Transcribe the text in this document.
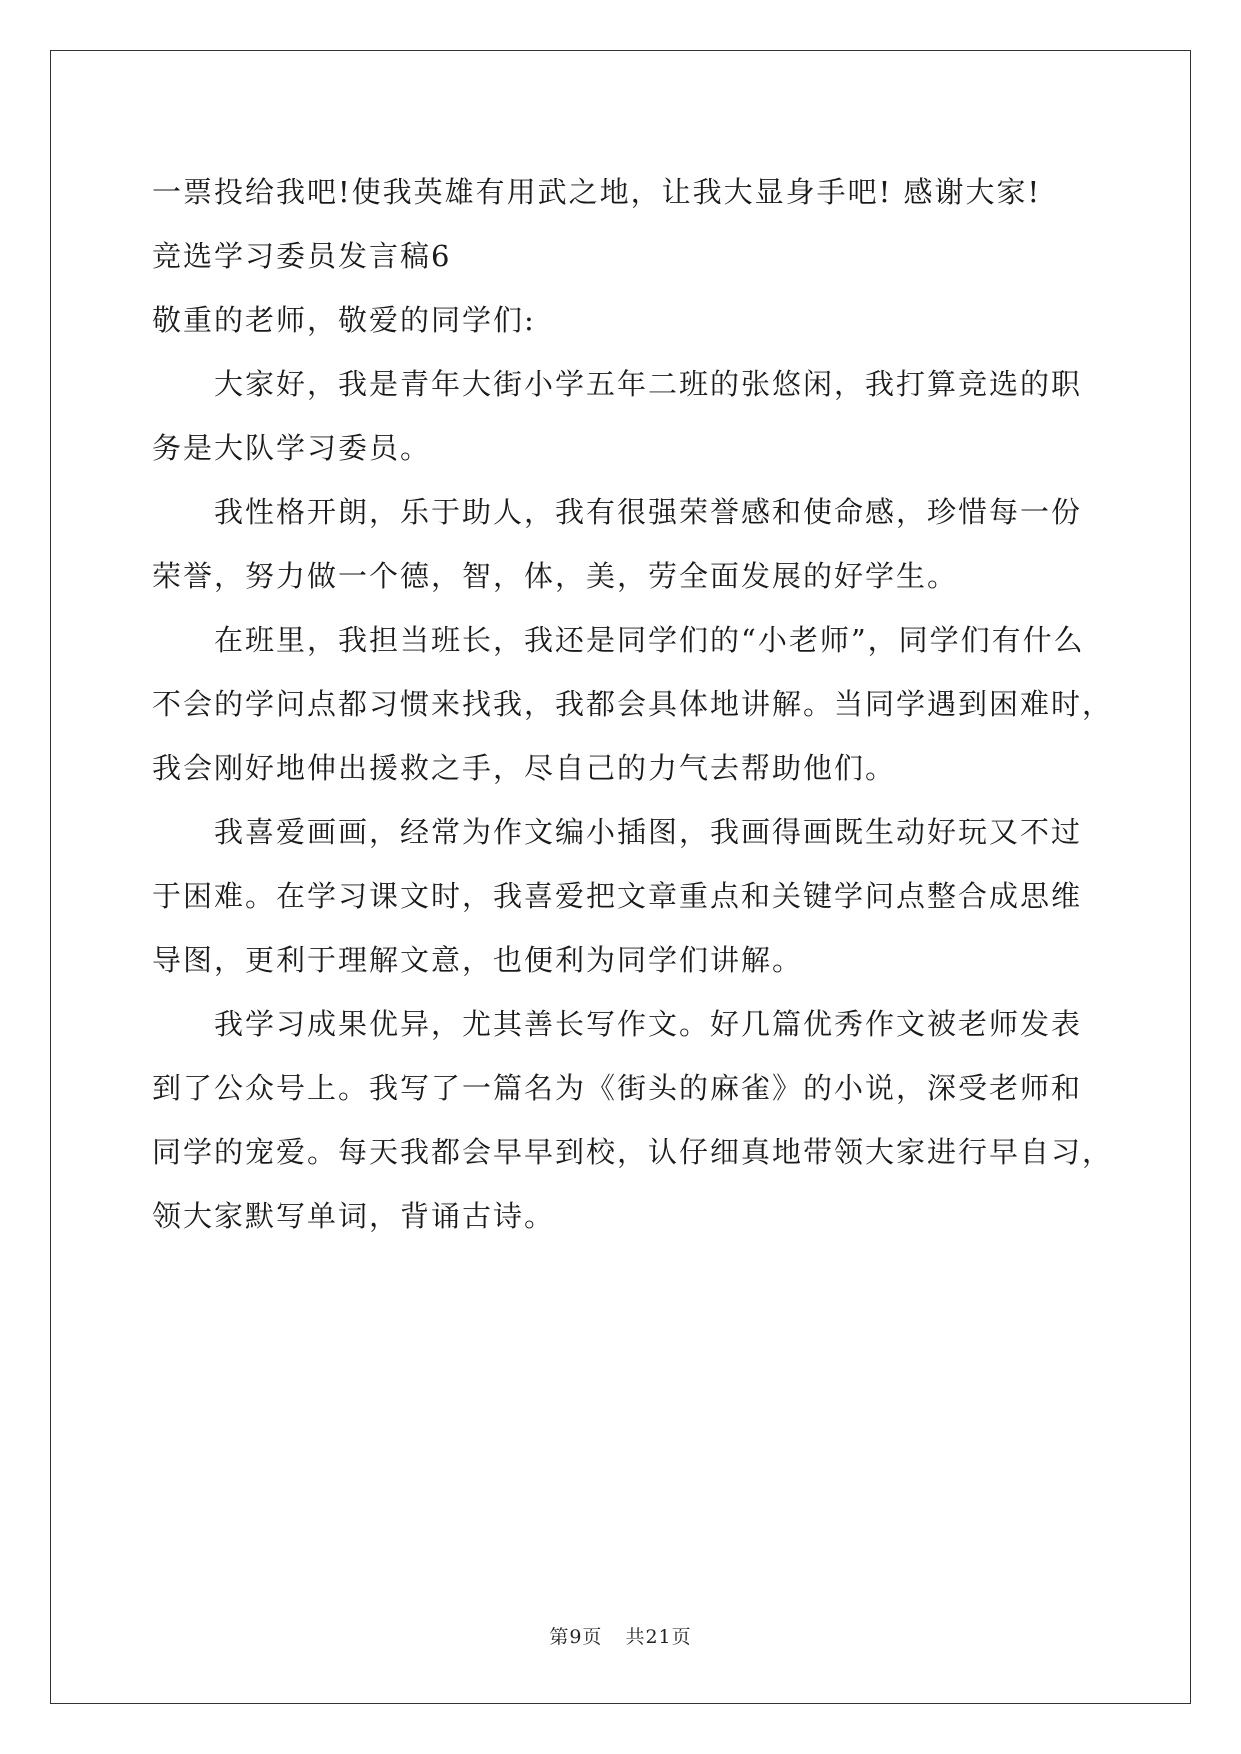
一票投给我吧!使我英雄有用武之地，让我大显身手吧! 感谢大家!
竞选学习委员发言稿6
敬重的老师，敬爱的同学们:
大家好，我是青年大街小学五年二班的张悠闲，我打算竞选的职
务是大队学习委员。
我性格开朗，乐于助人，我有很强荣誉感和使命感，珍惜每一份
荣誉，努力做一个德，智，体，美，劳全面发展的好学生。
在班里，我担当班长，我还是同学们的“小老师”，同学们有什么
不会的学问点都习惯来找我，我都会具体地讲解。当同学遇到困难时，
我会刚好地伸出援救之手，尽自己的力气去帮助他们。
我喜爱画画，经常为作文编小插图，我画得画既生动好玩又不过
于困难。在学习课文时，我喜爱把文章重点和关键学问点整合成思维
导图，更利于理解文意，也便利为同学们讲解。
我学习成果优异，尤其善长写作文。好几篇优秀作文被老师发表
到了公众号上。我写了一篇名为《街头的麻雀》的小说，深受老师和
同学的宠爱。每天我都会早早到校，认仔细真地带领大家进行早自习，
领大家默写单词，背诵古诗。
第9页 共21页
